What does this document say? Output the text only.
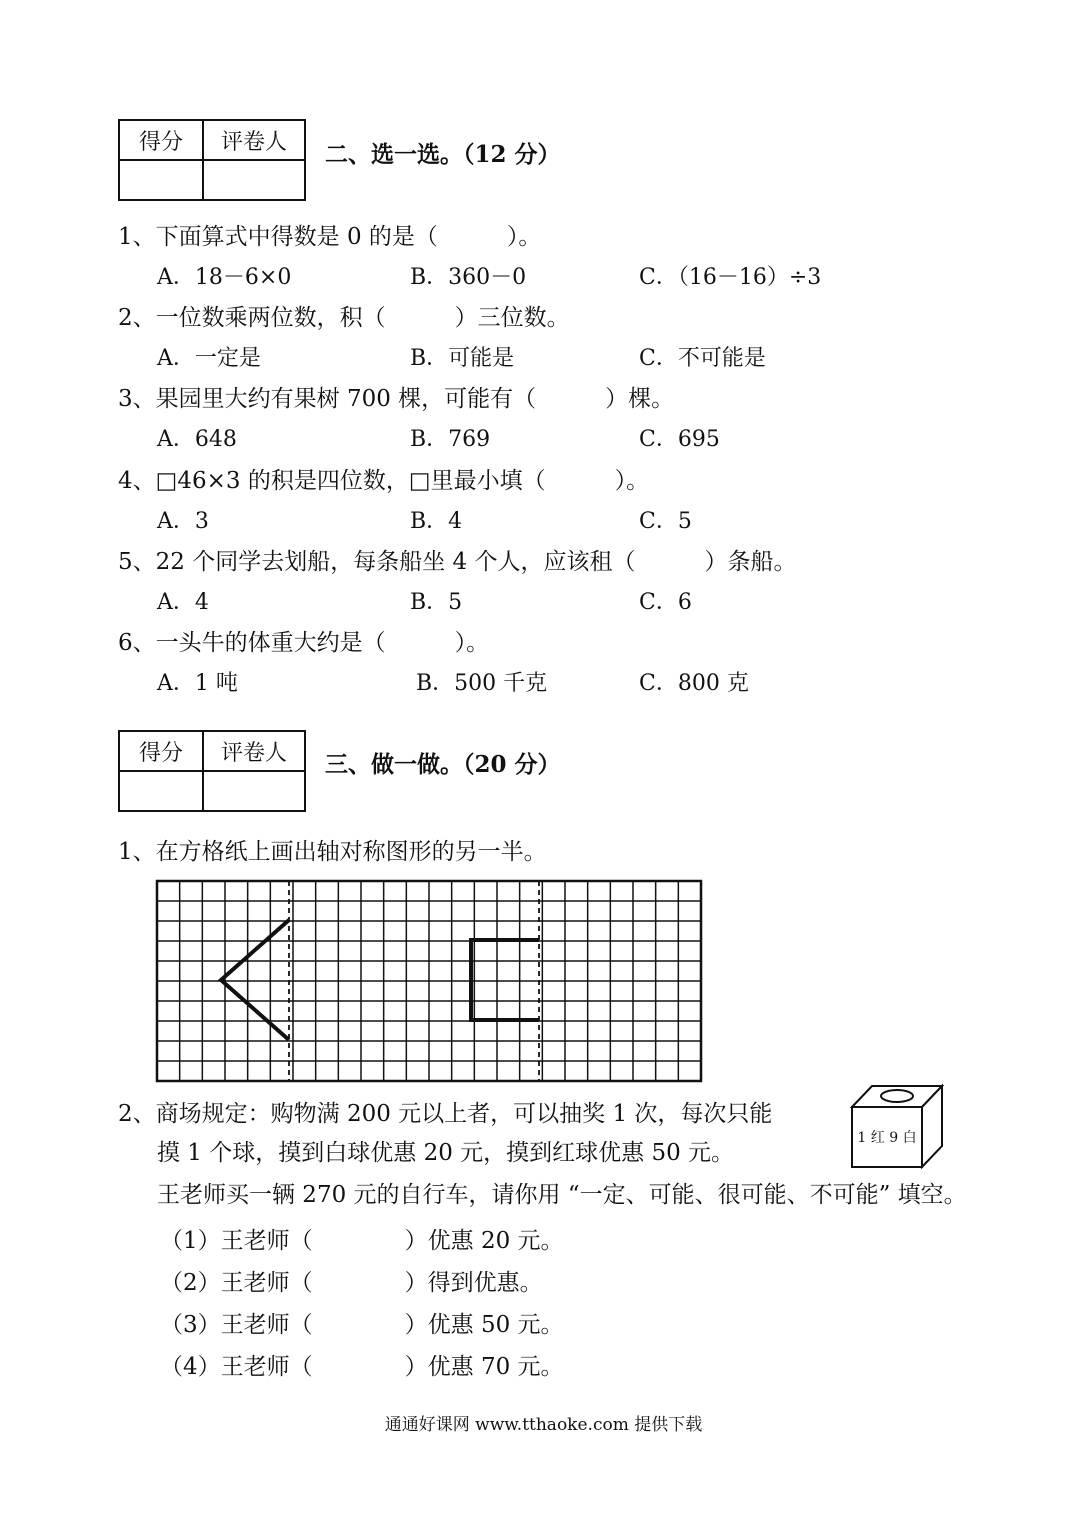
得分	评卷人
	二、选一选。（12 分）
1、下面算式中得数是 0 的是（　　　）。
A．18－6×0	B．360－0	C．（16－16）÷3
2、一位数乘两位数，积（　　　）三位数。
A．一定是	B．可能是	C．不可能是
3、果园里大约有果树 700 棵，可能有（　　　）棵。
A．648	B．769	C．695
4、□46×3 的积是四位数，□里最小填（　　　）。
A．3	B．4	C．5
5、22 个同学去划船，每条船坐 4 个人，应该租（　　　）条船。
A．4	B．5	C．6
6、一头牛的体重大约是（　　　）。
A．1 吨	B．500 千克	C．800 克
得分	评卷人
	三、做一做。（20 分）
1、在方格纸上画出轴对称图形的另一半。
2、商场规定：购物满 200 元以上者，可以抽奖 1 次，每次只能
摸 1 个球，摸到白球优惠 20 元，摸到红球优惠 50 元。
王老师买一辆 270 元的自行车，请你用 “一定、可能、很可能、不可能” 填空。
1 红 9 白
（1）王老师（　　　　）优惠 20 元。
（2）王老师（　　　　）得到优惠。
（3）王老师（　　　　）优惠 50 元。
（4）王老师（　　　　）优惠 70 元。
通通好课网 www.tthaoke.com 提供下载
